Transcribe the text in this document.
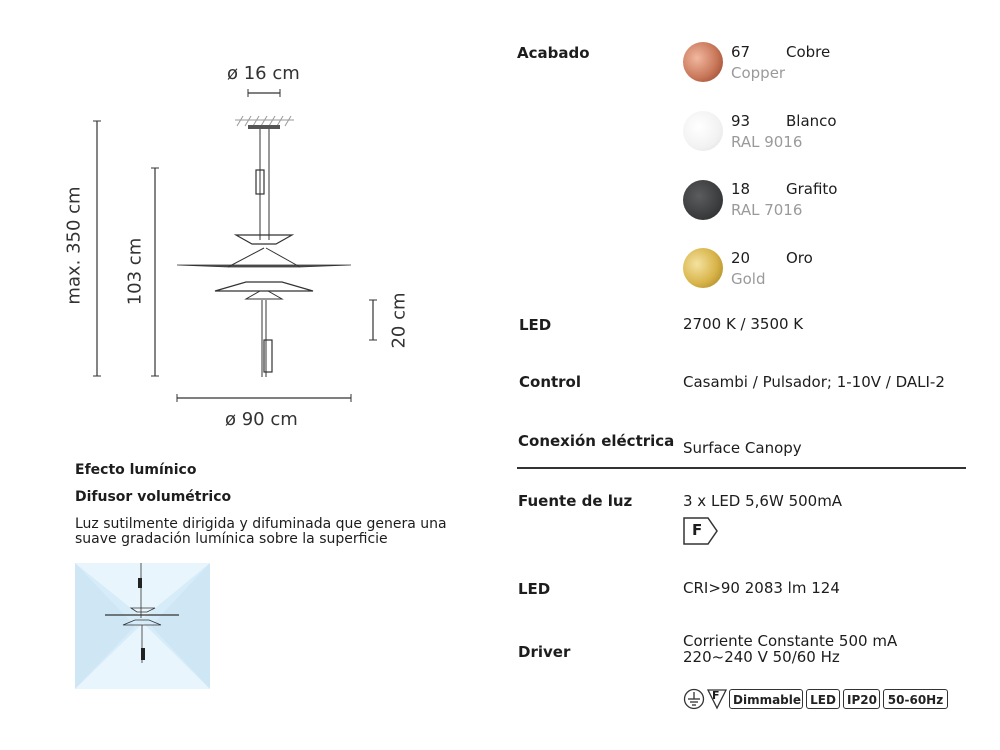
ø 16 cm
max. 350 cm 103 cm
20 cm
ø 90 cm
Efecto lumínico
Difusor volumétrico
Luz sutilmente dirigida y difuminada que genera una suave gradación lumínica sobre la superficie
Acabado	67 Cobre
Copper
93 Blanco
RAL 9016
18 Grafito
RAL 7016
20 Oro
Gold
LED	2700 K / 3500 K
Control	Casambi / Pulsador; 1-10V / DALI-2
Conexión eléctrica Surface Canopy
Fuente de luz	3 x LED 5,6W 500mA
F
LED	CRI>90 2083 lm 124
Driver
Corriente Constante 500 mA
220~240 V 50/60 Hz
F	Dimmable LED IP20 50-60Hz
